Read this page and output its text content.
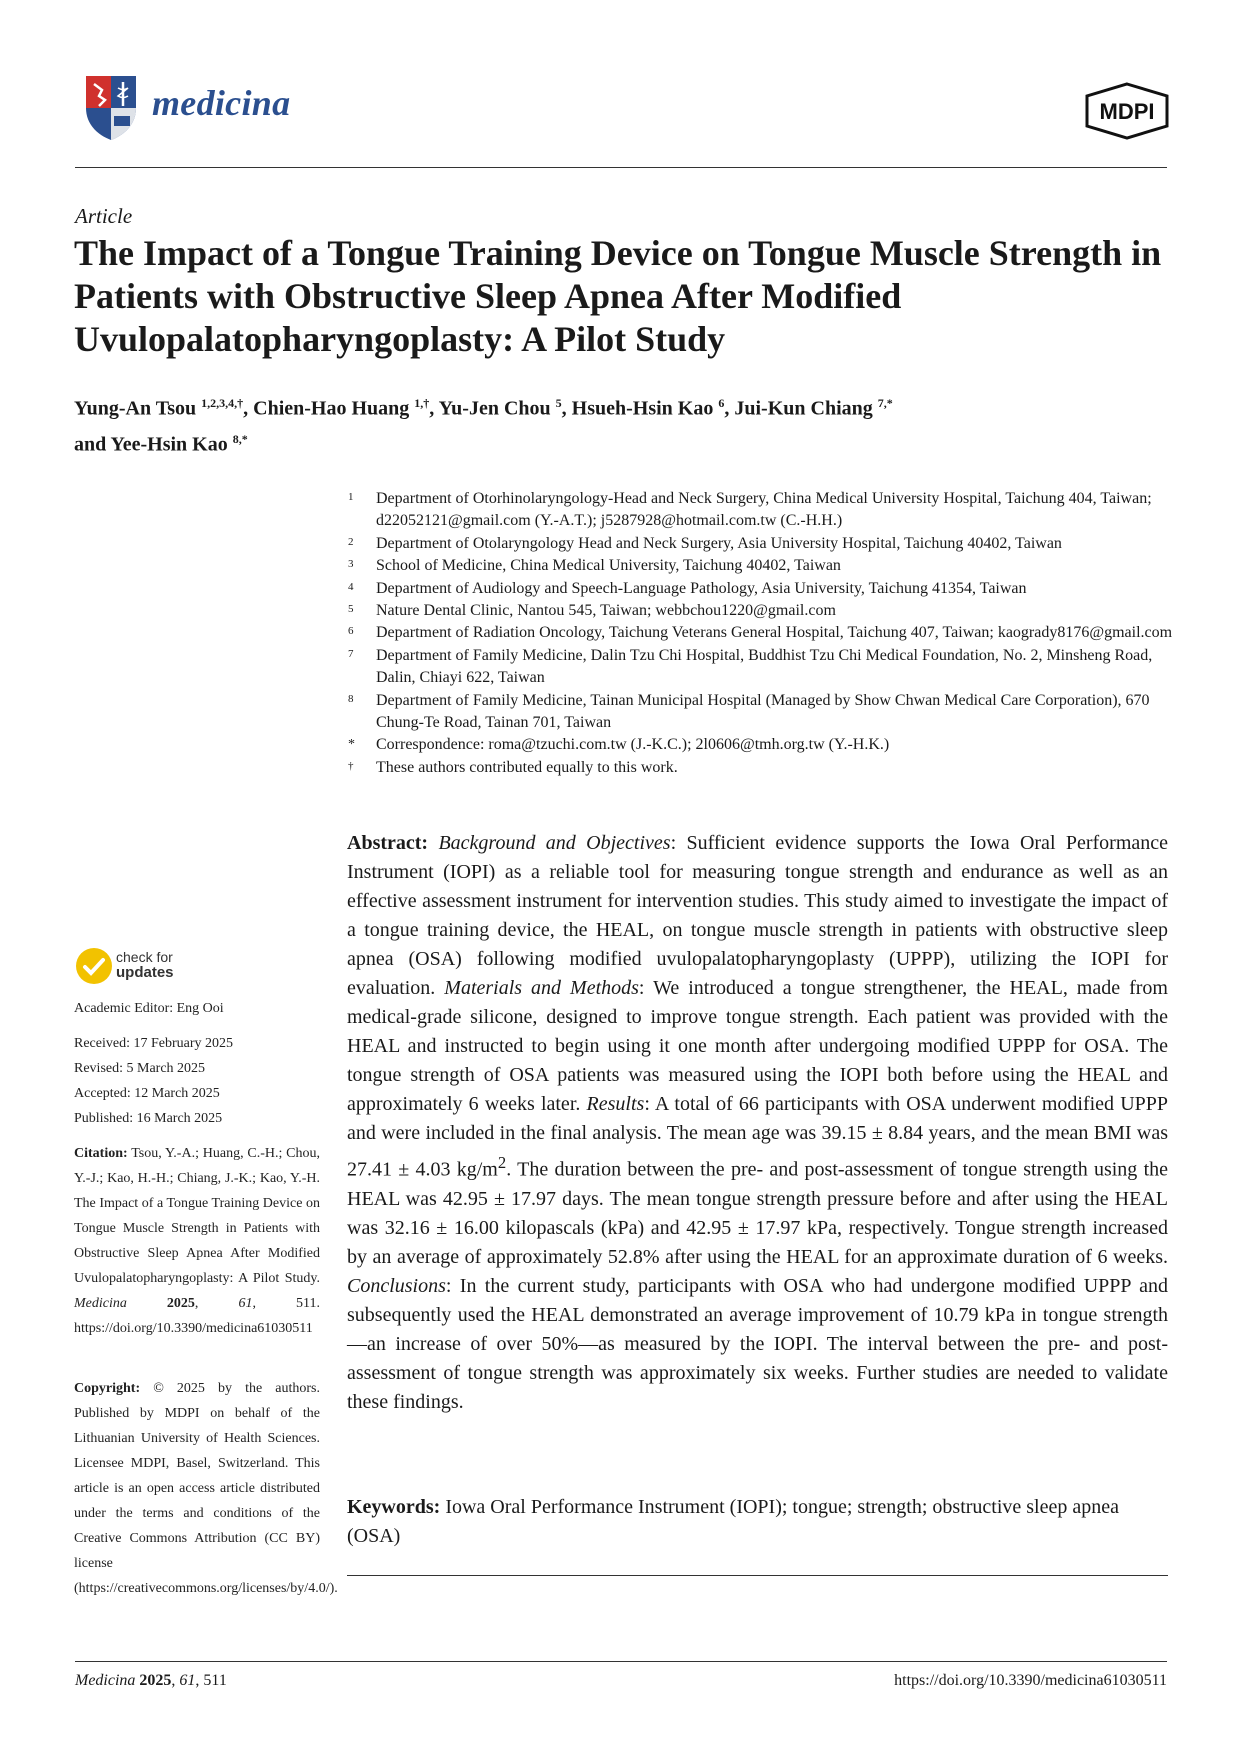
medicina	MDPI
Article
The Impact of a Tongue Training Device on Tongue Muscle Strength in Patients with Obstructive Sleep Apnea After Modified Uvulopalatopharyngoplasty: A Pilot Study
Yung-An Tsou $^{1,2,3,4,\dagger}$, Chien-Hao Huang $^{1,\dagger}$, Yu-Jen Chou $^5$, Hsueh-Hsin Kao $^6$, Jui-Kun Chiang $^{7,*}$
and Yee-Hsin Kao $^{8,*}$
1	Department of Otorhinolaryngology-Head and Neck Surgery, China Medical University Hospital, Taichung 404, Taiwan; d22052121@gmail.com (Y.-A.T.); j5287928@hotmail.com.tw (C.-H.H.)
2	Department of Otolaryngology Head and Neck Surgery, Asia University Hospital, Taichung 40402, Taiwan
3	School of Medicine, China Medical University, Taichung 40402, Taiwan
4	Department of Audiology and Speech-Language Pathology, Asia University, Taichung 41354, Taiwan
5	Nature Dental Clinic, Nantou 545, Taiwan; webbchou1220@gmail.com
6	Department of Radiation Oncology, Taichung Veterans General Hospital, Taichung 407, Taiwan; kaogrady8176@gmail.com
7	Department of Family Medicine, Dalin Tzu Chi Hospital, Buddhist Tzu Chi Medical Foundation, No. 2, Minsheng Road, Dalin, Chiayi 622, Taiwan
8	Department of Family Medicine, Tainan Municipal Hospital (Managed by Show Chwan Medical Care Corporation), 670 Chung-Te Road, Tainan 701, Taiwan
*	Correspondence: roma@tzuchi.com.tw (J.-K.C.); 2l0606@tmh.org.tw (Y.-H.K.)
†	These authors contributed equally to this work.
Abstract: Background and Objectives: Sufficient evidence supports the Iowa Oral Performance Instrument (IOPI) as a reliable tool for measuring tongue strength and endurance as well as an effective assessment instrument for intervention studies. This study aimed to investigate the impact of a tongue training device, the HEAL, on tongue muscle strength in patients with obstructive sleep apnea (OSA) following modified uvulopalatopharyngoplasty (UPPP), utilizing the IOPI for evaluation. Materials and Methods: We introduced a tongue strengthener, the HEAL, made from medical-grade silicone, designed to improve tongue strength. Each patient was provided with the HEAL and instructed to begin using it one month after undergoing modified UPPP for OSA. The tongue strength of OSA patients was measured using the IOPI both before using the HEAL and approximately 6 weeks later. Results: A total of 66 participants with OSA underwent modified UPPP and were included in the final analysis. The mean age was 39.15 ± 8.84 years, and the mean BMI was 27.41 ± 4.03 $kg/m^2$. The duration between the pre- and post-assessment of tongue strength using the HEAL was 42.95 ± 17.97 days. The mean tongue strength pressure before and after using the HEAL was 32.16 ± 16.00 kilopascals (kPa) and 42.95 ± 17.97 kPa, respectively. Tongue strength increased by an average of approximately 52.8% after using the HEAL for an approximate duration of 6 weeks. Conclusions: In the current study, participants with OSA who had undergone modified UPPP and subsequently used the HEAL demonstrated an average improvement of 10.79 kPa in tongue strength—an increase of over 50%—as measured by the IOPI. The interval between the pre- and post-assessment of tongue strength was approximately six weeks. Further studies are needed to validate these findings.
Keywords: Iowa Oral Performance Instrument (IOPI); tongue; strength; obstructive sleep apnea (OSA)
check for
updates
Academic Editor: Eng Ooi
Received: 17 February 2025
Revised: 5 March 2025
Accepted: 12 March 2025
Published: 16 March 2025
Citation: Tsou, Y.-A.; Huang, C.-H.; Chou, Y.-J.; Kao, H.-H.; Chiang, J.-K.; Kao, Y.-H. The Impact of a Tongue Training Device on Tongue Muscle Strength in Patients with Obstructive Sleep Apnea After Modified Uvulopalatopharyngoplasty: A Pilot Study. Medicina	2025, 61, 511. https://doi.org/10.3390/medicina61030511
Copyright: © 2025 by the authors. Published by MDPI on behalf of the Lithuanian University of Health Sciences. Licensee MDPI, Basel, Switzerland. This article is an open access article distributed under the terms and conditions of the Creative Commons Attribution (CC BY) license (https://creativecommons.org/licenses/by/4.0/).
Medicina 2025, 61, 511	https://doi.org/10.3390/medicina61030511
